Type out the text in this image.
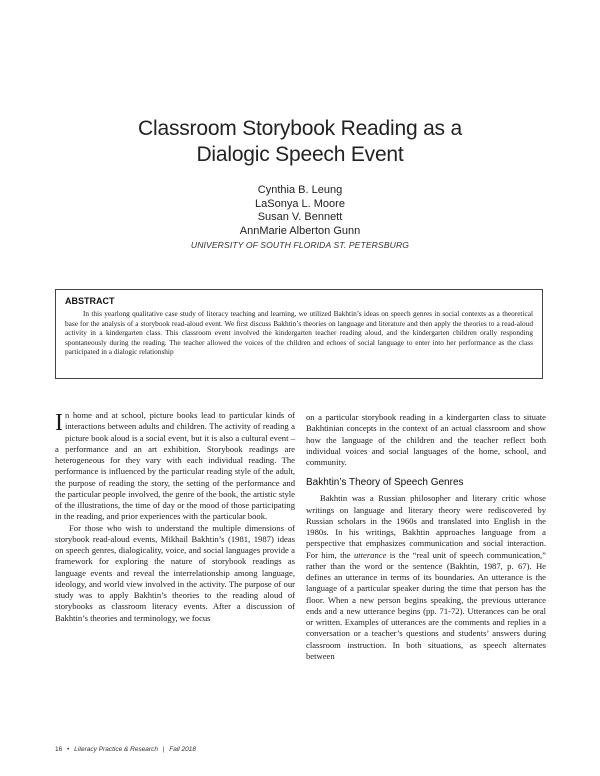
Classroom Storybook Reading as a
Dialogic Speech Event
Cynthia B. Leung
LaSonya L. Moore
Susan V. Bennett
AnnMarie Alberton Gunn
UNIVERSITY OF SOUTH FLORIDA ST. PETERSBURG
ABSTRACT
In this yearlong qualitative case study of literacy teaching and learning, we utilized Bakhtin’s ideas on speech genres in social contexts as a theoretical base for the analysis of a storybook read-aloud event. We first discuss Bakhtin’s theories on language and literature and then apply the theories to a read-aloud activity in a kindergarten class. This classroom event involved the kindergarten teacher reading aloud, and the kindergarten children orally responding spontaneously during the reading. The teacher allowed the voices of the children and echoes of social language to enter into her performance as the class participated in a dialogic relationship

In home and at school, picture books lead to particular kinds of interactions between adults and children. The activity of reading a picture book aloud is a social event, but it is also a cultural event – a performance and an art exhibition. Storybook readings are heterogeneous for they vary with each individual reading. The performance is influenced by the particular reading style of the adult, the purpose of reading the story, the setting of the performance and the particular people involved, the genre of the book, the artistic style of the illustrations, the time of day or the mood of those participating in the reading, and prior experiences with the particular book.

For those who wish to understand the multiple dimensions of storybook read-aloud events, Mikhail Bakhtin’s (1981, 1987) ideas on speech genres, dialogicality, voice, and social languages provide a framework for exploring the nature of storybook readings as language events and reveal the interrelationship among language, ideology, and world view involved in the activity. The purpose of our study was to apply Bakhtin’s theories to the reading aloud of storybooks as classroom literacy events. After a discussion of Bakhtin’s theories and terminology, we focus

on a particular storybook reading in a kindergarten class to situate Bakhtinian concepts in the context of an actual classroom and show how the language of the children and the teacher reflect both individual voices and social languages of the home, school, and community.

Bakhtin’s Theory of Speech Genres

Bakhtin was a Russian philosopher and literary critic whose writings on language and literary theory were rediscovered by Russian scholars in the 1960s and translated into English in the 1980s. In his writings, Bakhtin approaches language from a perspective that emphasizes communication and social interaction. For him, the utterance is the “real unit of speech communication,” rather than the word or the sentence (Bakhtin, 1987, p. 67). He defines an utterance in terms of its boundaries. An utterance is the language of a particular speaker during the time that person has the floor. When a new person begins speaking, the previous utterance ends and a new utterance begins (pp. 71-72). Utterances can be oral or written. Examples of utterances are the comments and replies in a conversation or a teacher’s questions and students’ answers during classroom instruction. In both situations, as speech alternates between

16 • Literacy Practice & Research | Fall 2018
